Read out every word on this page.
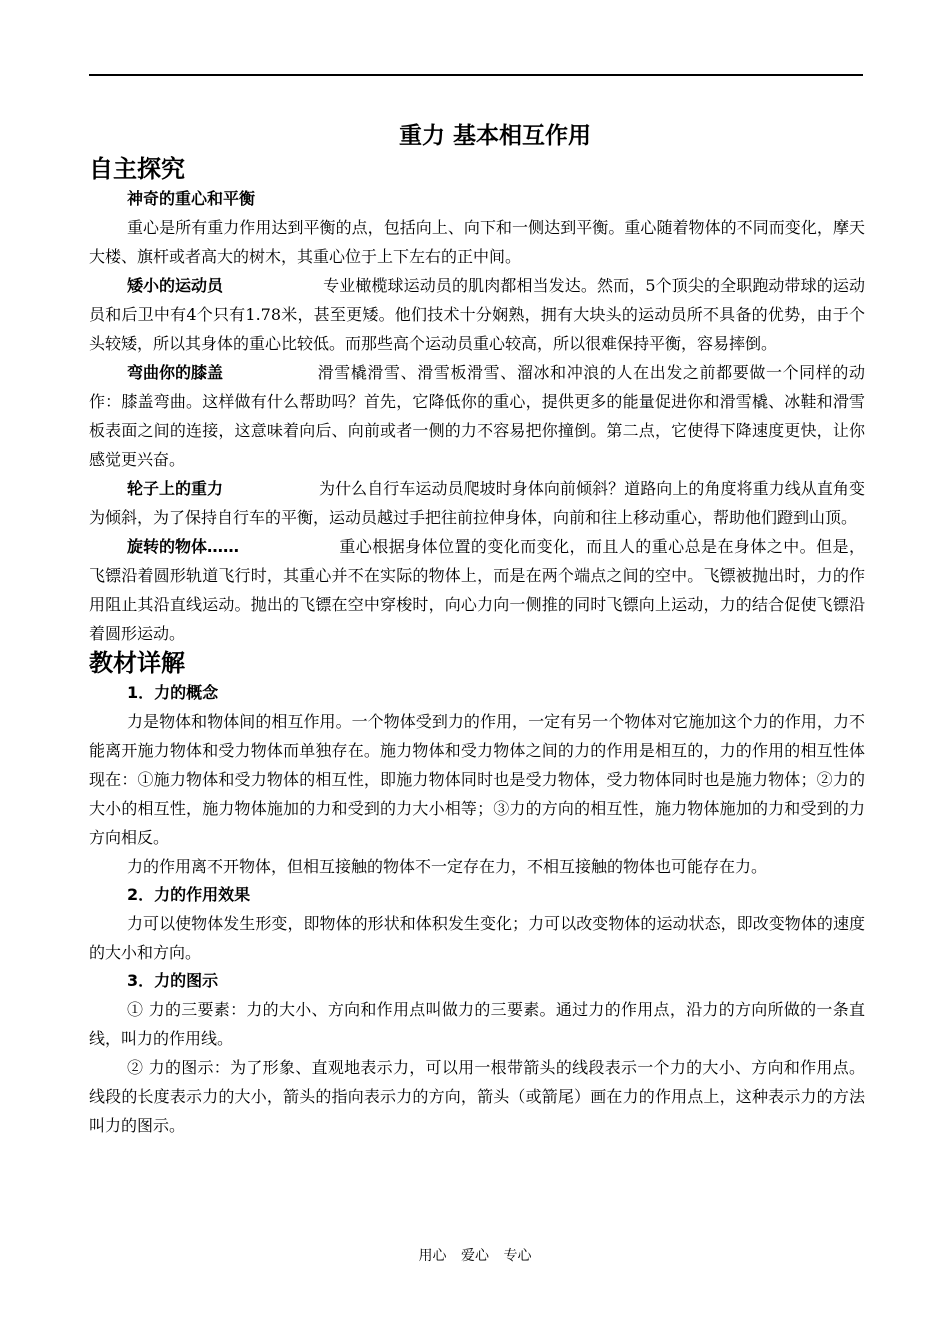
重力 基本相互作用
自主探究
神奇的重心和平衡

重心是所有重力作用达到平衡的点，包括向上、向下和一侧达到平衡。重心随着物体的不同而变化，摩天大楼、旗杆或者高大的树木，其重心位于上下左右的正中间。

矮小的运动员	专业橄榄球运动员的肌肉都相当发达。然而，5个顶尖的全职跑动带球的运动员和后卫中有4个只有1.78米，甚至更矮。他们技术十分娴熟，拥有大块头的运动员所不具备的优势，由于个头较矮，所以其身体的重心比较低。而那些高个运动员重心较高，所以很难保持平衡，容易摔倒。

弯曲你的膝盖	滑雪橇滑雪、滑雪板滑雪、溜冰和冲浪的人在出发之前都要做一个同样的动作：膝盖弯曲。这样做有什么帮助吗？首先，它降低你的重心，提供更多的能量促进你和滑雪橇、冰鞋和滑雪板表面之间的连接，这意味着向后、向前或者一侧的力不容易把你撞倒。第二点，它使得下降速度更快，让你感觉更兴奋。

轮子上的重力	为什么自行车运动员爬坡时身体向前倾斜？道路向上的角度将重力线从直角变为倾斜，为了保持自行车的平衡，运动员越过手把往前拉伸身体，向前和往上移动重心，帮助他们蹬到山顶。

旋转的物体……	重心根据身体位置的变化而变化，而且人的重心总是在身体之中。但是，飞镖沿着圆形轨道飞行时，其重心并不在实际的物体上，而是在两个端点之间的空中。飞镖被抛出时，力的作用阻止其沿直线运动。抛出的飞镖在空中穿梭时，向心力向一侧推的同时飞镖向上运动，力的结合促使飞镖沿着圆形运动。

教材详解
1．力的概念

力是物体和物体间的相互作用。一个物体受到力的作用，一定有另一个物体对它施加这个力的作用，力不能离开施力物体和受力物体而单独存在。施力物体和受力物体之间的力的作用是相互的，力的作用的相互性体现在：①施力物体和受力物体的相互性，即施力物体同时也是受力物体，受力物体同时也是施力物体；②力的大小的相互性，施力物体施加的力和受到的力大小相等；③力的方向的相互性，施力物体施加的力和受到的力方向相反。

力的作用离不开物体，但相互接触的物体不一定存在力，不相互接触的物体也可能存在力。

2．力的作用效果

力可以使物体发生形变，即物体的形状和体积发生变化；力可以改变物体的运动状态，即改变物体的速度的大小和方向。

3．力的图示

① 力的三要素：力的大小、方向和作用点叫做力的三要素。通过力的作用点，沿力的方向所做的一条直线，叫力的作用线。

② 力的图示：为了形象、直观地表示力，可以用一根带箭头的线段表示一个力的大小、方向和作用点。线段的长度表示力的大小，箭头的指向表示力的方向，箭头（或箭尾）画在力的作用点上，这种表示力的方法叫力的图示。

用心 爱心 专心
